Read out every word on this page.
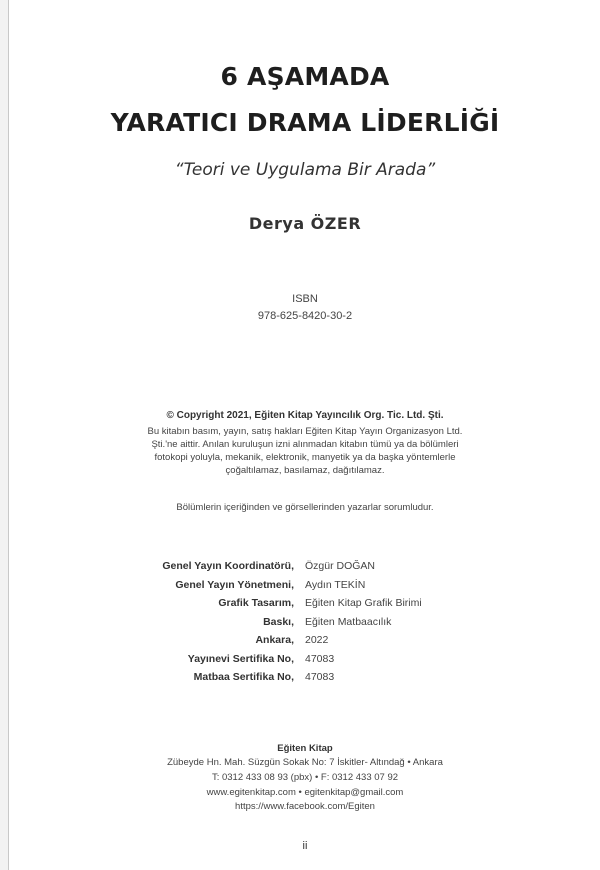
6 AŞAMADA
YARATICI DRAMA LİDERLİĞİ
“Teori ve Uygulama Bir Arada”
Derya ÖZER
ISBN
978-625-8420-30-2
© Copyright 2021, Eğiten Kitap Yayıncılık Org. Tic. Ltd. Şti.
Bu kitabın basım, yayın, satış hakları Eğiten Kitap Yayın Organizasyon Ltd.
Şti.'ne aittir. Anılan kuruluşun izni alınmadan kitabın tümü ya da bölümleri
fotokopi yoluyla, mekanik, elektronik, manyetik ya da başka yöntemlerle
çoğaltılamaz, basılamaz, dağıtılamaz.
Bölümlerin içeriğinden ve görsellerinden yazarlar sorumludur.
Genel Yayın Koordinatörü, Özgür DOĞAN
Genel Yayın Yönetmeni, Aydın TEKİN
Grafik Tasarım, Eğiten Kitap Grafik Birimi
Baskı, Eğiten Matbaacılık
Ankara, 2022
Yayınevi Sertifika No, 47083
Matbaa Sertifika No, 47083
Eğiten Kitap
Zübeyde Hn. Mah. Süzgün Sokak No: 7 İskitler- Altındağ • Ankara
T: 0312 433 08 93 (pbx) • F: 0312 433 07 92
www.egitenkitap.com • egitenkitap@gmail.com
https://www.facebook.com/Egiten
ii
